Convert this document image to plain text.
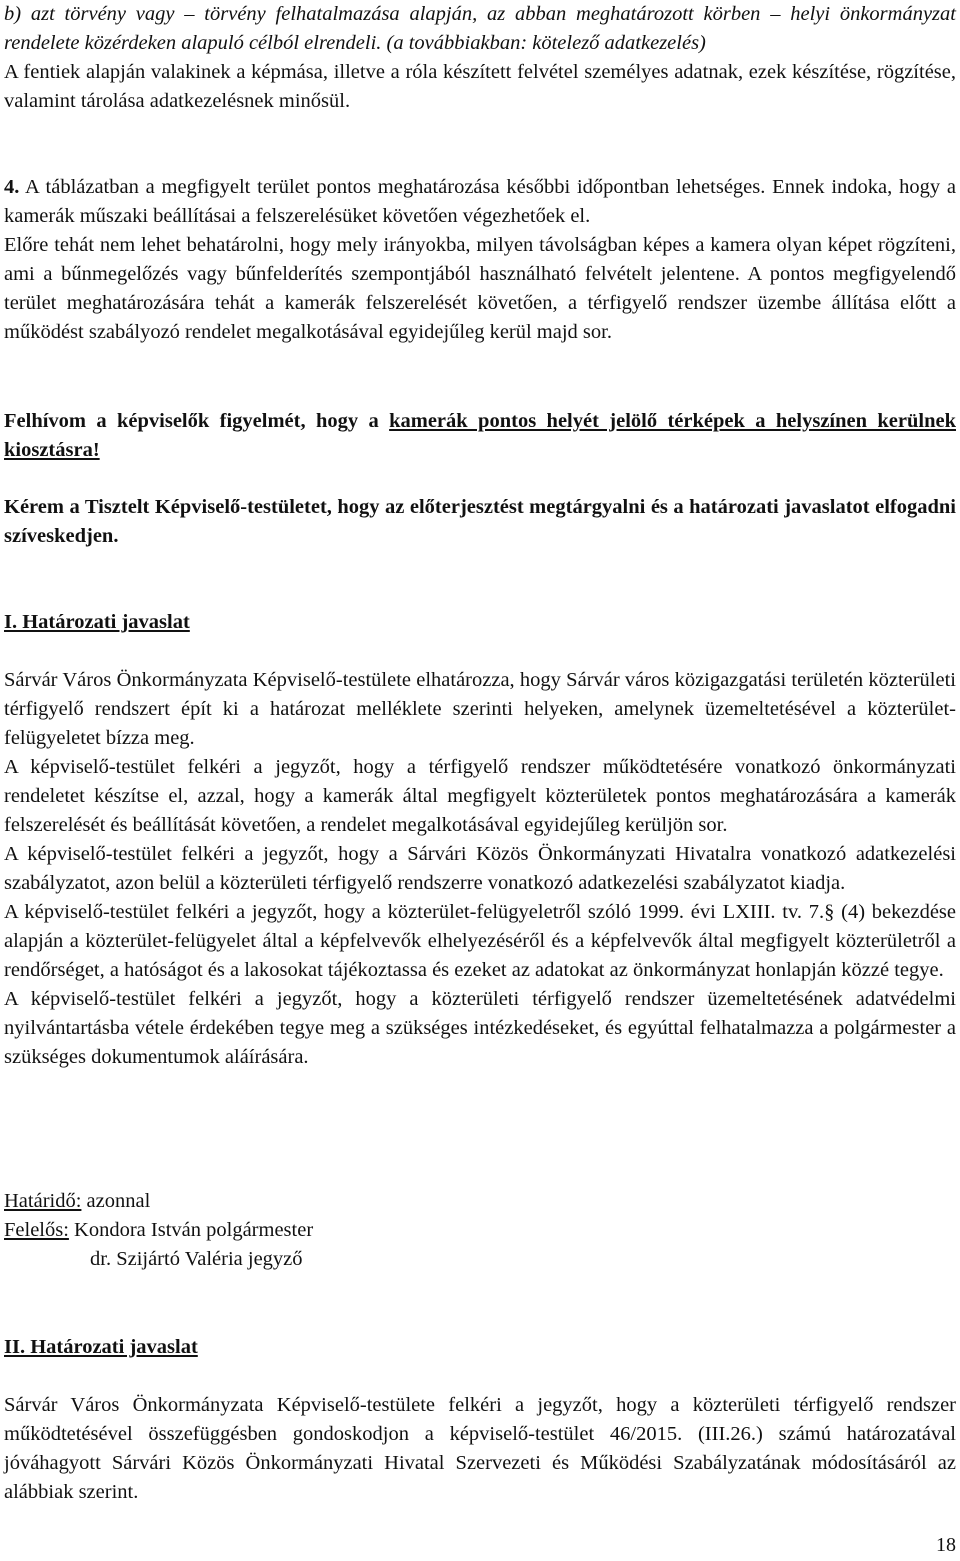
b) azt törvény vagy – törvény felhatalmazása alapján, az abban meghatározott körben – helyi önkormányzat rendelete közérdeken alapuló célból elrendeli. (a továbbiakban: kötelező adatkezelés)

A fentiek alapján valakinek a képmása, illetve a róla készített felvétel személyes adatnak, ezek készítése, rögzítése, valamint tárolása adatkezelésnek minősül.

4. A táblázatban a megfigyelt terület pontos meghatározása későbbi időpontban lehetséges. Ennek indoka, hogy a kamerák műszaki beállításai a felszerelésüket követően végezhetőek el.

Előre tehát nem lehet behatárolni, hogy mely irányokba, milyen távolságban képes a kamera olyan képet rögzíteni, ami a bűnmegelőzés vagy bűnfelderítés szempontjából használható felvételt jelentene. A pontos megfigyelendő terület meghatározására tehát a kamerák felszerelését követően, a térfigyelő rendszer üzembe állítása előtt a működést szabályozó rendelet megalkotásával egyidejűleg kerül majd sor.

Felhívom a képviselők figyelmét, hogy a kamerák pontos helyét jelölő térképek a helyszínen kerülnek kiosztásra!

Kérem a Tisztelt Képviselő-testületet, hogy az előterjesztést megtárgyalni és a határozati javaslatot elfogadni szíveskedjen.

I. Határozati javaslat

Sárvár Város Önkormányzata Képviselő-testülete elhatározza, hogy Sárvár város közigazgatási területén közterületi térfigyelő rendszert épít ki a határozat melléklete szerinti helyeken, amelynek üzemeltetésével a közterület-felügyeletet bízza meg.

A képviselő-testület felkéri a jegyzőt, hogy a térfigyelő rendszer működtetésére vonatkozó önkormányzati rendeletet készítse el, azzal, hogy a kamerák által megfigyelt közterületek pontos meghatározására a kamerák felszerelését és beállítását követően, a rendelet megalkotásával egyidejűleg kerüljön sor.

A képviselő-testület felkéri a jegyzőt, hogy a Sárvári Közös Önkormányzati Hivatalra vonatkozó adatkezelési szabályzatot, azon belül a közterületi térfigyelő rendszerre vonatkozó adatkezelési szabályzatot kiadja.

A képviselő-testület felkéri a jegyzőt, hogy a közterület-felügyeletről szóló 1999. évi LXIII. tv. 7.§ (4) bekezdése alapján a közterület-felügyelet által a képfelvevők elhelyezéséről és a képfelvevők által megfigyelt közterületről a rendőrséget, a hatóságot és a lakosokat tájékoztassa és ezeket az adatokat az önkormányzat honlapján közzé tegye.

A képviselő-testület felkéri a jegyzőt, hogy a közterületi térfigyelő rendszer üzemeltetésének adatvédelmi nyilvántartásba vétele érdekében tegye meg a szükséges intézkedéseket, és egyúttal felhatalmazza a polgármester a szükséges dokumentumok aláírására.

Határidő: azonnal

Felelős: Kondora István polgármester

dr. Szijártó Valéria jegyző

II. Határozati javaslat

Sárvár Város Önkormányzata Képviselő-testülete felkéri a jegyzőt, hogy a közterületi térfigyelő rendszer működtetésével összefüggésben gondoskodjon a képviselő-testület 46/2015. (III.26.) számú határozatával jóváhagyott Sárvári Közös Önkormányzati Hivatal Szervezeti és Működési Szabályzatának módosításáról az alábbiak szerint.

18
